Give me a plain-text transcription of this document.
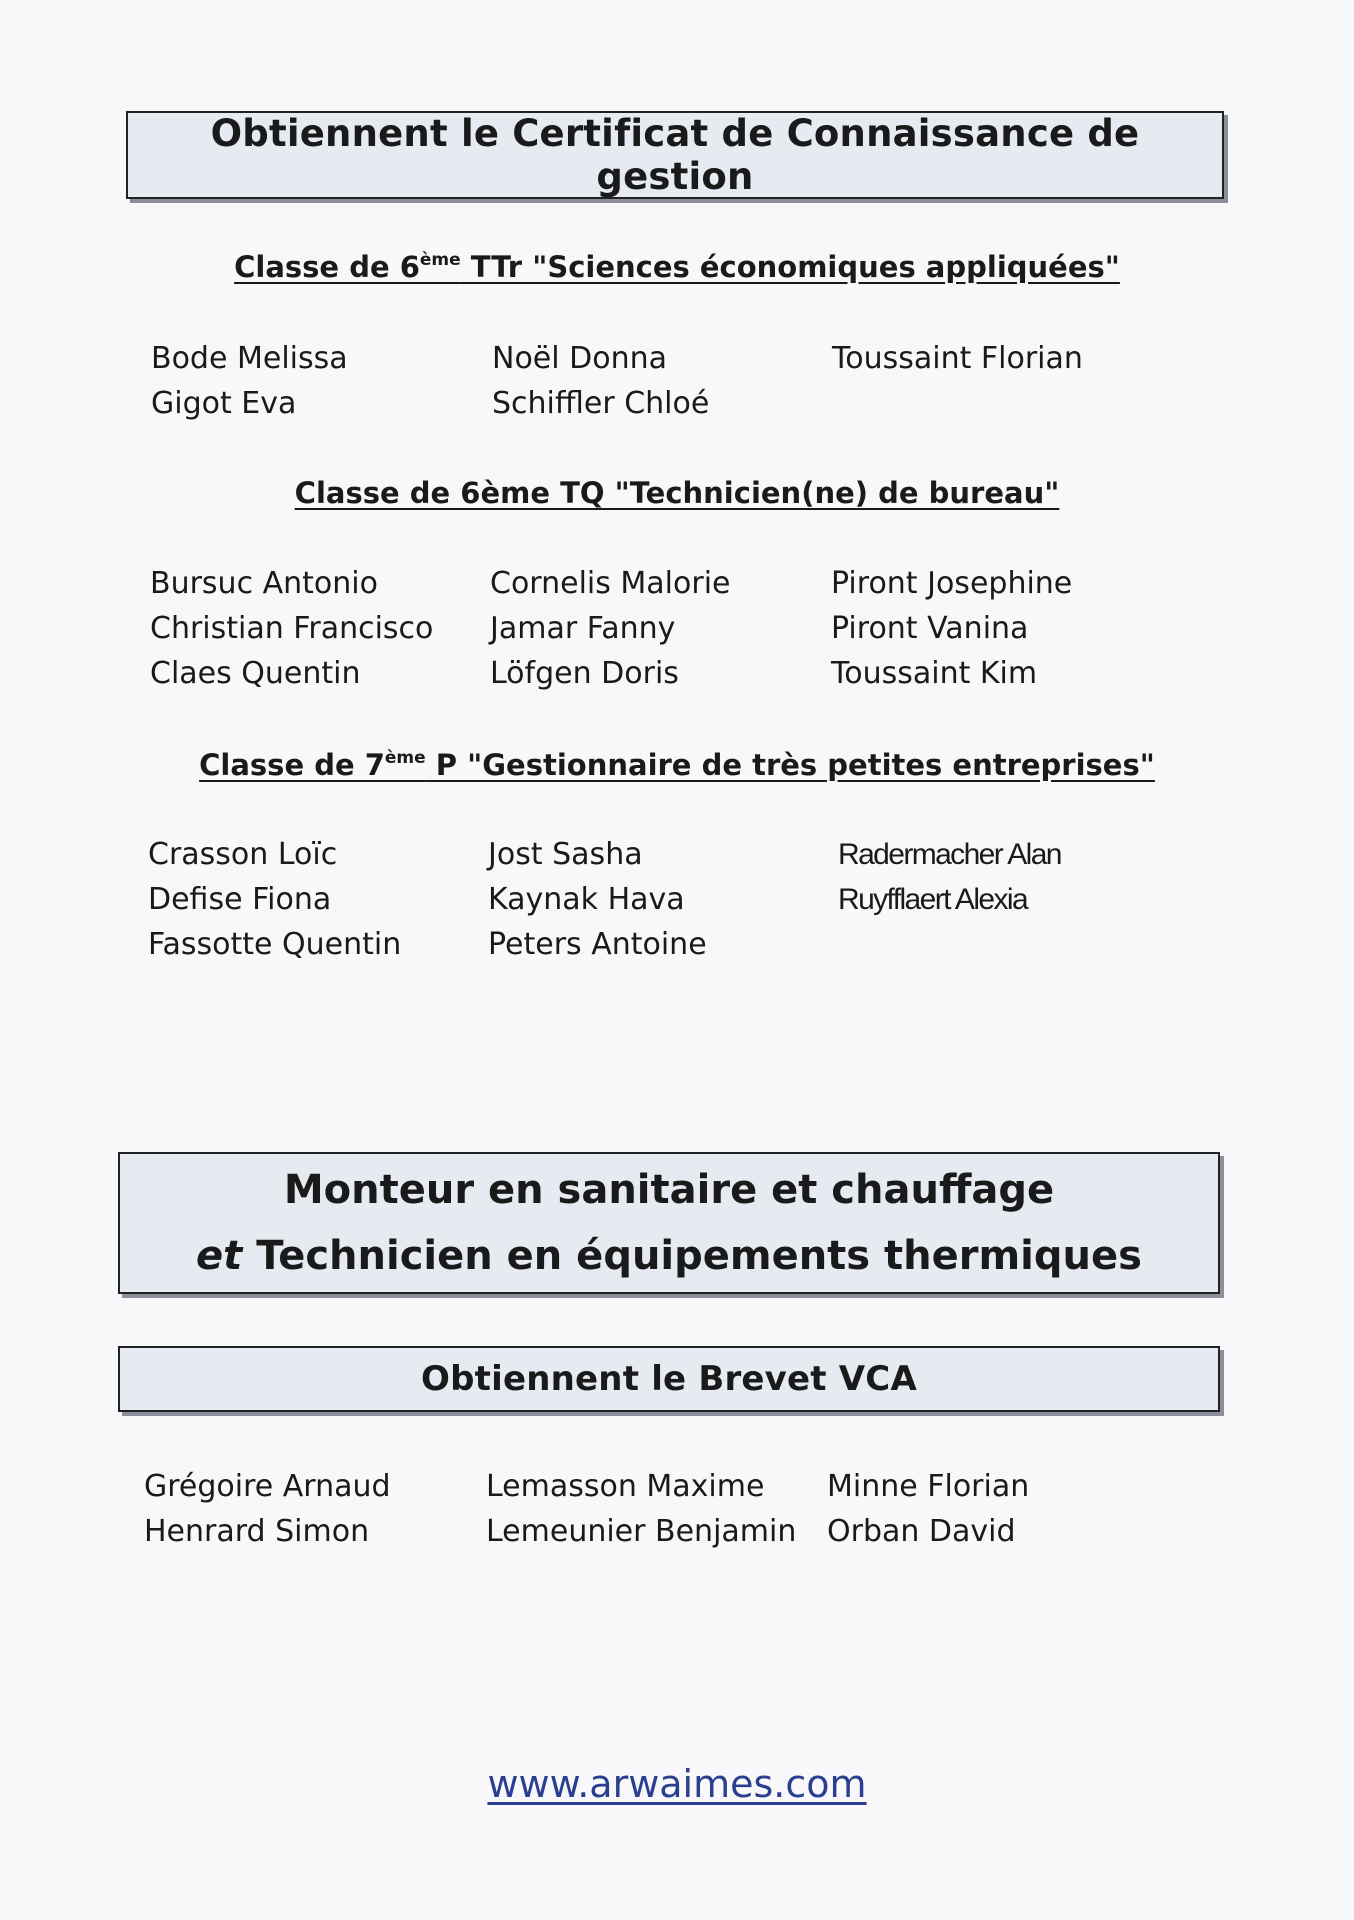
Obtiennent le Certificat de Connaissance de gestion
Classe de 6ème TTr "Sciences économiques appliquées"
Bode Melissa
Gigot Eva
Noël Donna
Schiffler Chloé
Toussaint Florian
Classe de 6ème TQ "Technicien(ne) de bureau"
Bursuc Antonio
Christian Francisco
Claes Quentin
Cornelis Malorie
Jamar Fanny
Löfgen Doris
Piront Josephine
Piront Vanina
Toussaint Kim
Classe de 7ème P "Gestionnaire de très petites entreprises"
Crasson Loïc
Defise Fiona
Fassotte Quentin
Jost Sasha
Kaynak Hava
Peters Antoine
Radermacher Alan
Ruyfflaert Alexia
Monteur en sanitaire et chauffage
et Technicien en équipements thermiques
Obtiennent le Brevet VCA
Grégoire Arnaud
Henrard Simon
Lemasson Maxime
Lemeunier Benjamin
Minne Florian
Orban David
www.arwaimes.com
